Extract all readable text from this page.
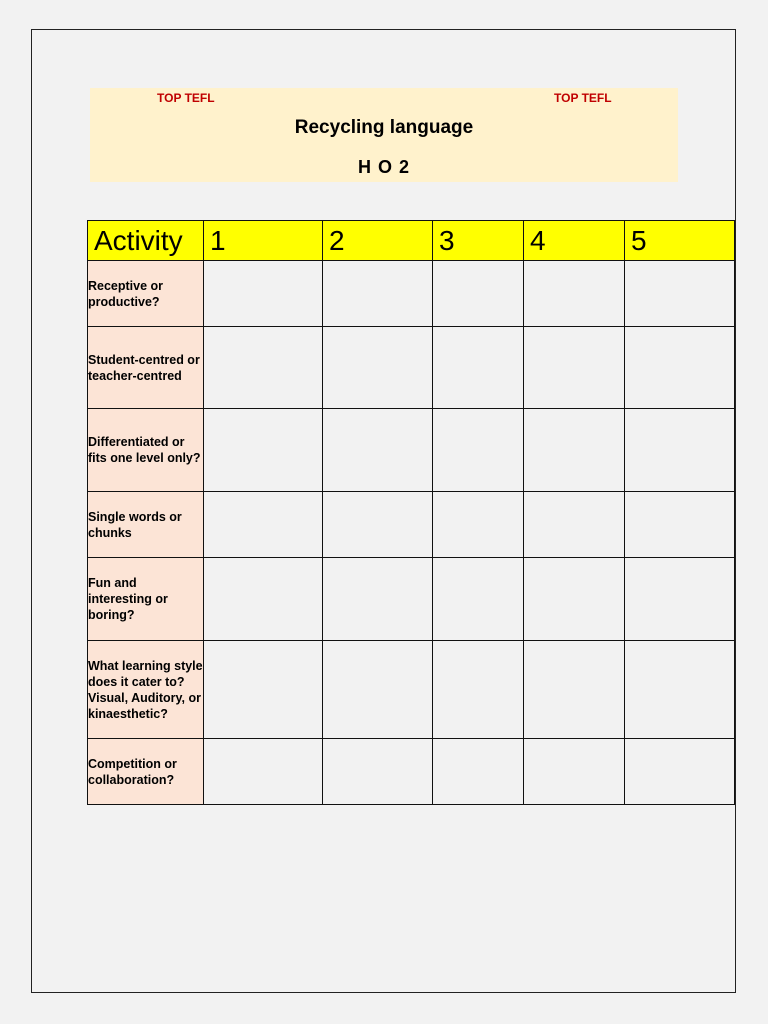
TOP TEFL	TOP TEFL
Recycling language
H O 2
Activity	1	2	3	4	5
Receptive or productive?					
Student-centred or teacher-centred					
Differentiated or fits one level only?					
Single words or chunks					
Fun and interesting or boring?					
What learning style does it cater to? Visual, Auditory, or kinaesthetic?					
Competition or collaboration?					
